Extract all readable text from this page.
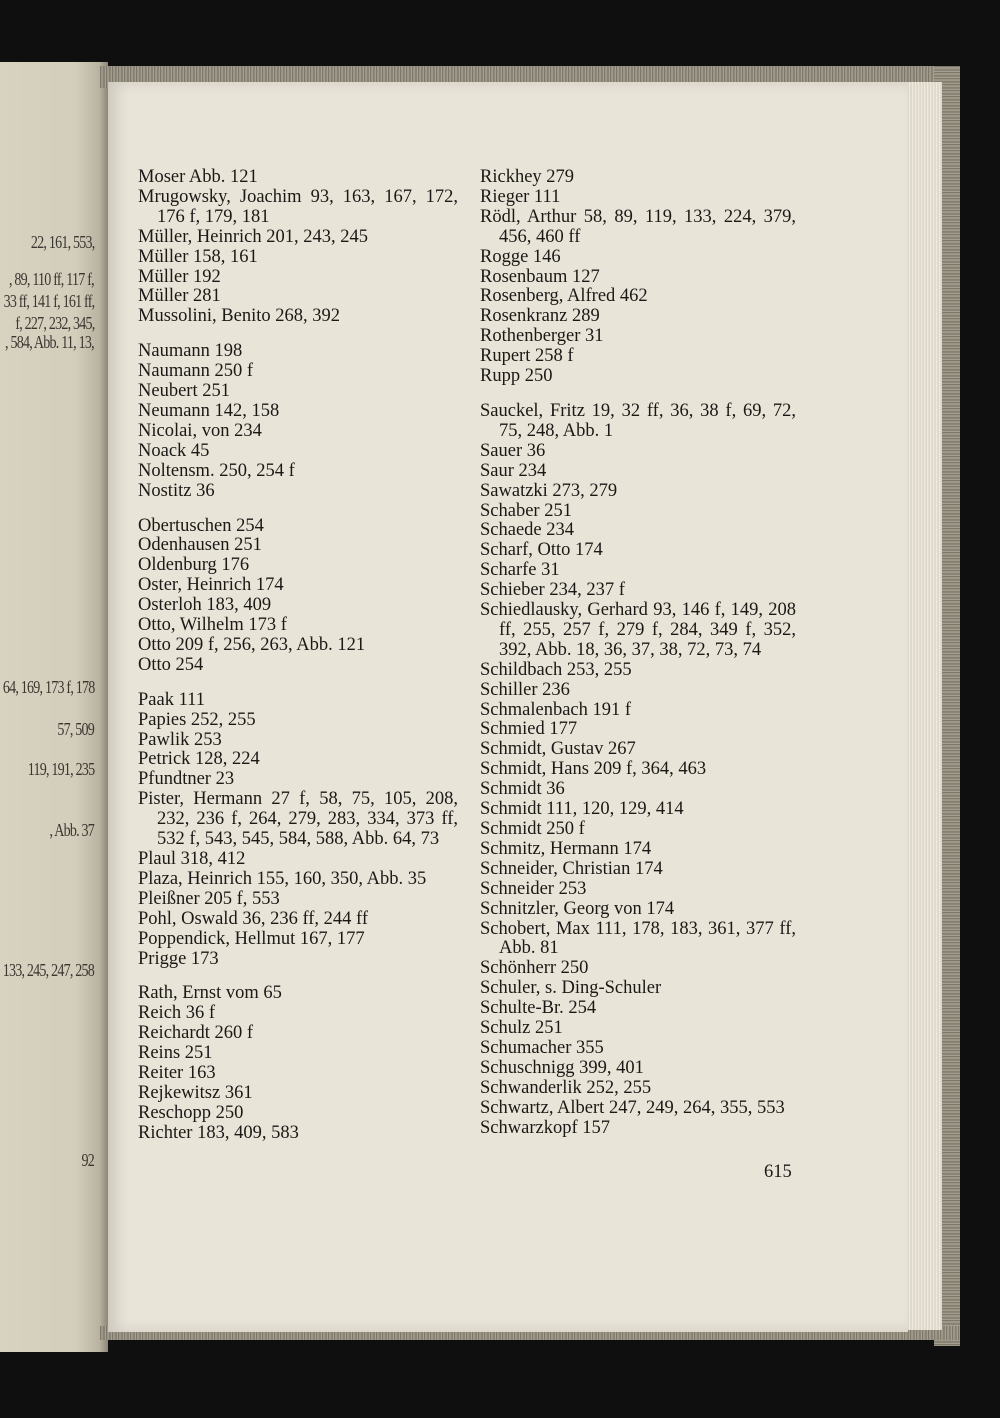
22, 161, 553,
, 89, 110 ff, 117 f,
33 ff, 141 f, 161 ff,
f, 227, 232, 345,
, 584, Abb. 11, 13,
64, 169, 173 f, 178
57, 509
119, 191, 235
, Abb. 37
133, 245, 247, 258
92
Moser Abb. 121
Mrugowsky, Joachim 93, 163, 167, 172, 176 f, 179, 181
Müller, Heinrich 201, 243, 245
Müller 158, 161
Müller 192
Müller 281
Mussolini, Benito 268, 392
Naumann 198
Naumann 250 f
Neubert 251
Neumann 142, 158
Nicolai, von 234
Noack 45
Noltensm. 250, 254 f
Nostitz 36
Obertuschen 254
Odenhausen 251
Oldenburg 176
Oster, Heinrich 174
Osterloh 183, 409
Otto, Wilhelm 173 f
Otto 209 f, 256, 263, Abb. 121
Otto 254
Paak 111
Papies 252, 255
Pawlik 253
Petrick 128, 224
Pfundtner 23
Pister, Hermann 27 f, 58, 75, 105, 208, 232, 236 f, 264, 279, 283, 334, 373 ff, 532 f, 543, 545, 584, 588, Abb. 64, 73
Plaul 318, 412
Plaza, Heinrich 155, 160, 350, Abb. 35
Pleißner 205 f, 553
Pohl, Oswald 36, 236 ff, 244 ff
Poppendick, Hellmut 167, 177
Prigge 173
Rath, Ernst vom 65
Reich 36 f
Reichardt 260 f
Reins 251
Reiter 163
Rejkewitsz 361
Reschopp 250
Richter 183, 409, 583
Rickhey 279
Rieger 111
Rödl, Arthur 58, 89, 119, 133, 224, 379, 456, 460 ff
Rogge 146
Rosenbaum 127
Rosenberg, Alfred 462
Rosenkranz 289
Rothenberger 31
Rupert 258 f
Rupp 250
Sauckel, Fritz 19, 32 ff, 36, 38 f, 69, 72, 75, 248, Abb. 1
Sauer 36
Saur 234
Sawatzki 273, 279
Schaber 251
Schaede 234
Scharf, Otto 174
Scharfe 31
Schieber 234, 237 f
Schiedlausky, Gerhard 93, 146 f, 149, 208 ff, 255, 257 f, 279 f, 284, 349 f, 352, 392, Abb. 18, 36, 37, 38, 72, 73, 74
Schildbach 253, 255
Schiller 236
Schmalenbach 191 f
Schmied 177
Schmidt, Gustav 267
Schmidt, Hans 209 f, 364, 463
Schmidt 36
Schmidt 111, 120, 129, 414
Schmidt 250 f
Schmitz, Hermann 174
Schneider, Christian 174
Schneider 253
Schnitzler, Georg von 174
Schobert, Max 111, 178, 183, 361, 377 ff, Abb. 81
Schönherr 250
Schuler, s. Ding-Schuler
Schulte-Br. 254
Schulz 251
Schumacher 355
Schuschnigg 399, 401
Schwanderlik 252, 255
Schwartz, Albert 247, 249, 264, 355, 553
Schwarzkopf 157
615
